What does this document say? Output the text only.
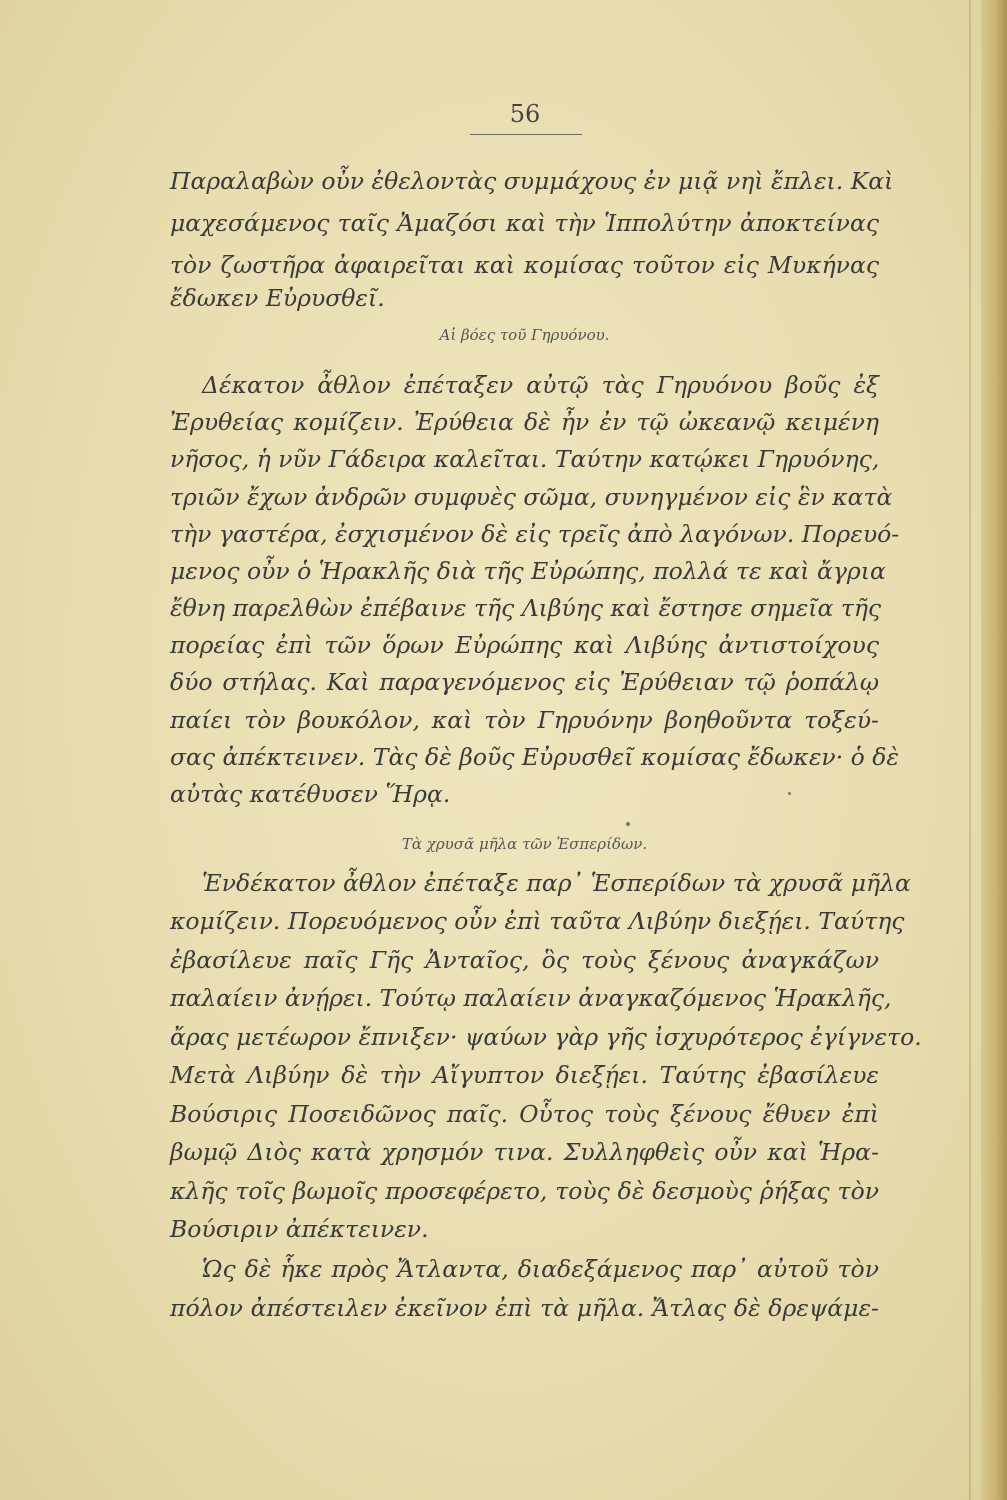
56
Παραλαβὼν οὖν ἐθελοντὰς συμμάχους ἐν μιᾷ νηὶ ἔπλει. Καὶ
μαχεσάμενος ταῖς Ἀμαζόσι καὶ τὴν Ἱππολύτην ἀποκτείνας
τὸν ζωστῆρα ἀφαιρεῖται καὶ κομίσας τοῦτον εἰς Μυκήνας
ἔδωκεν Εὐρυσθεῖ.
Αἱ βόες τοῦ Γηρυόνου.
Δέκατον ἆθλον ἐπέταξεν αὐτῷ τὰς Γηρυόνου βοῦς ἐξ
Ἐρυθείας κομίζειν. Ἐρύθεια δὲ ἦν ἐν τῷ ὠκεανῷ κειμένη
νῆσος, ἡ νῦν Γάδειρα καλεῖται. Ταύτην κατῴκει Γηρυόνης,
τριῶν ἔχων ἀνδρῶν συμφυὲς σῶμα, συνηγμένον εἰς ἓν κατὰ
τὴν γαστέρα, ἐσχισμένον δὲ εἰς τρεῖς ἀπὸ λαγόνων. Πορευό-
μενος οὖν ὁ Ἡρακλῆς διὰ τῆς Εὐρώπης, πολλά τε καὶ ἄγρια
ἔθνη παρελθὼν ἐπέβαινε τῆς Λιβύης καὶ ἔστησε σημεῖα τῆς
πορείας ἐπὶ τῶν ὅρων Εὐρώπης καὶ Λιβύης ἀντιστοίχους
δύο στήλας. Καὶ παραγενόμενος εἰς Ἐρύθειαν τῷ ῥοπάλῳ
παίει τὸν βουκόλον, καὶ τὸν Γηρυόνην βοηθοῦντα τοξεύ-
σας ἀπέκτεινεν. Τὰς δὲ βοῦς Εὐρυσθεῖ κομίσας ἔδωκεν· ὁ δὲ
αὐτὰς κατέθυσεν Ἥρᾳ.
Τὰ χρυσᾶ μῆλα τῶν Ἑσπερίδων.
Ἑνδέκατον ἆθλον ἐπέταξε παρ᾽ Ἑσπερίδων τὰ χρυσᾶ μῆλα
κομίζειν. Πορευόμενος οὖν ἐπὶ ταῦτα Λιβύην διεξῄει. Ταύτης
ἐβασίλευε παῖς Γῆς Ἀνταῖος, ὃς τοὺς ξένους ἀναγκάζων
παλαίειν ἀνῄρει. Τούτῳ παλαίειν ἀναγκαζόμενος Ἡρακλῆς,
ἄρας μετέωρον ἔπνιξεν· ψαύων γὰρ γῆς ἰσχυρότερος ἐγίγνετο.
Μετὰ Λιβύην δὲ τὴν Αἴγυπτον διεξῄει. Ταύτης ἐβασίλευε
Βούσιρις Ποσειδῶνος παῖς. Οὗτος τοὺς ξένους ἔθυεν ἐπὶ
βωμῷ Διὸς κατὰ χρησμόν τινα. Συλληφθεὶς οὖν καὶ Ἡρα-
κλῆς τοῖς βωμοῖς προσεφέρετο, τοὺς δὲ δεσμοὺς ῥήξας τὸν
Βούσιριν ἀπέκτεινεν.
Ὡς δὲ ἧκε πρὸς Ἄτλαντα, διαδεξάμενος παρ᾽ αὐτοῦ τὸν
πόλον ἀπέστειλεν ἐκεῖνον ἐπὶ τὰ μῆλα. Ἄτλας δὲ δρεψάμε-
